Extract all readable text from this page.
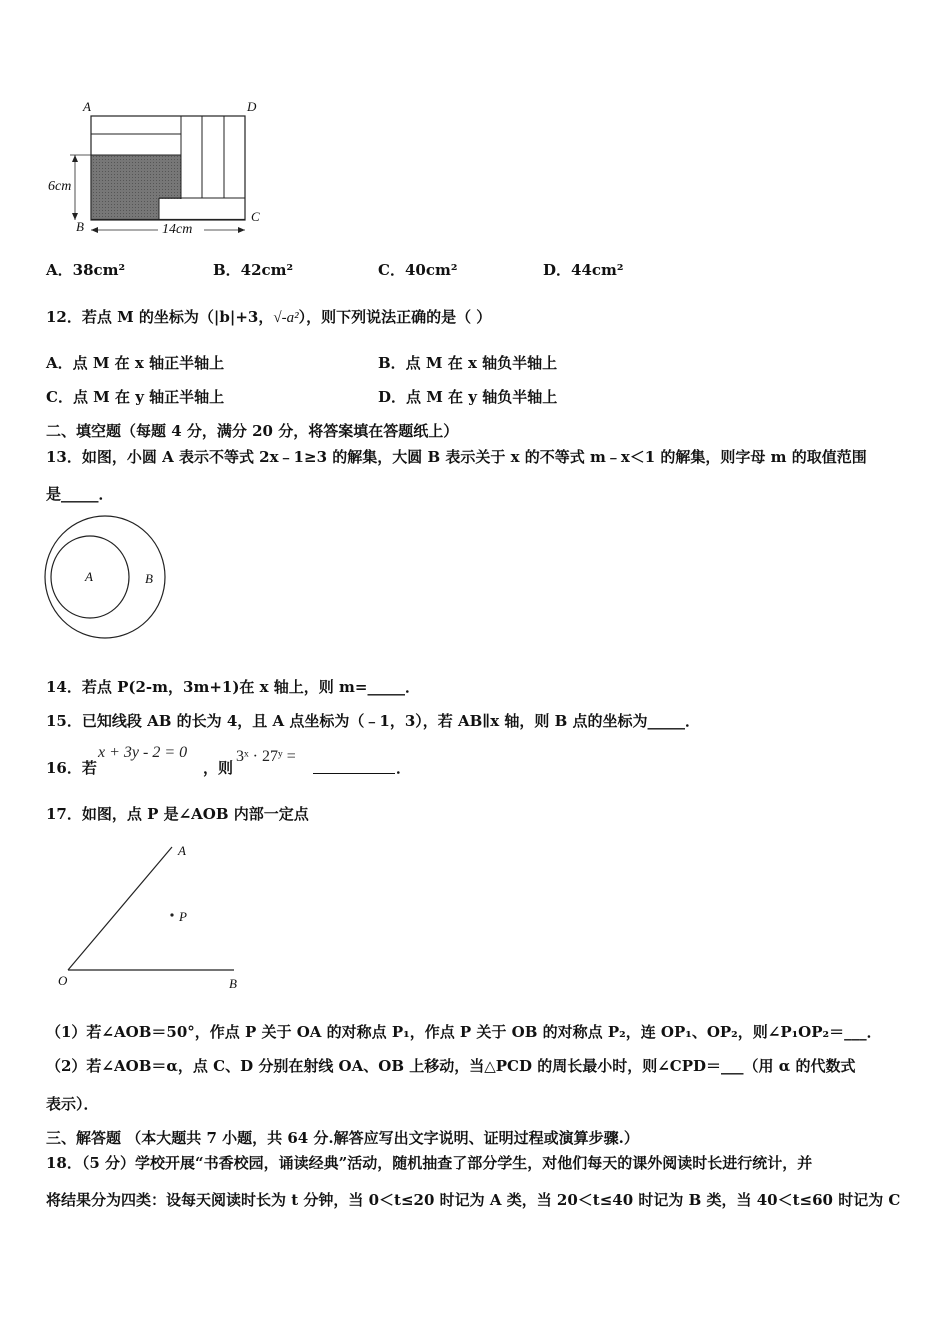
A	D
B
C
6cm
14cm
A．38cm²	B．42cm²	C．40cm²	D．44cm²
12．若点 M 的坐标为（|b|+3，√-a²），则下列说法正确的是（ ）
A．点 M 在 x 轴正半轴上	B．点 M 在 x 轴负半轴上
C．点 M 在 y 轴正半轴上	D．点 M 在 y 轴负半轴上
二、填空题（每题 4 分，满分 20 分，将答案填在答题纸上）
13．如图，小圆 A 表示不等式 2x﹣1≥3 的解集，大圆 B 表示关于 x 的不等式 m﹣x＜1 的解集，则字母 m 的取值范围
是_____．
A	B
14．若点 P(2-m，3m+1)在 x 轴上，则 m=_____．
15．已知线段 AB 的长为 4，且 A 点坐标为（﹣1，3），若 AB∥x 轴，则 B 点的坐标为_____．
16．若
x + 3y - 2 = 0
，则
3ˣ · 27ʸ =
．
17．如图，点 P 是∠AOB 内部一定点
A
P
O	B
（1）若∠AOB＝50°，作点 P 关于 OA 的对称点 P₁，作点 P 关于 OB 的对称点 P₂，连 OP₁、OP₂，则∠P₁OP₂＝___．
（2）若∠AOB＝α，点 C、D 分别在射线 OA、OB 上移动，当△PCD 的周长最小时，则∠CPD＝___（用 α 的代数式
表示）．
三、解答题 （本大题共 7 小题，共 64 分.解答应写出文字说明、证明过程或演算步骤.）
18．（5 分）学校开展“书香校园，诵读经典”活动，随机抽查了部分学生，对他们每天的课外阅读时长进行统计，并
将结果分为四类：设每天阅读时长为 t 分钟，当 0＜t≤20 时记为 A 类，当 20＜t≤40 时记为 B 类，当 40＜t≤60 时记为 C
